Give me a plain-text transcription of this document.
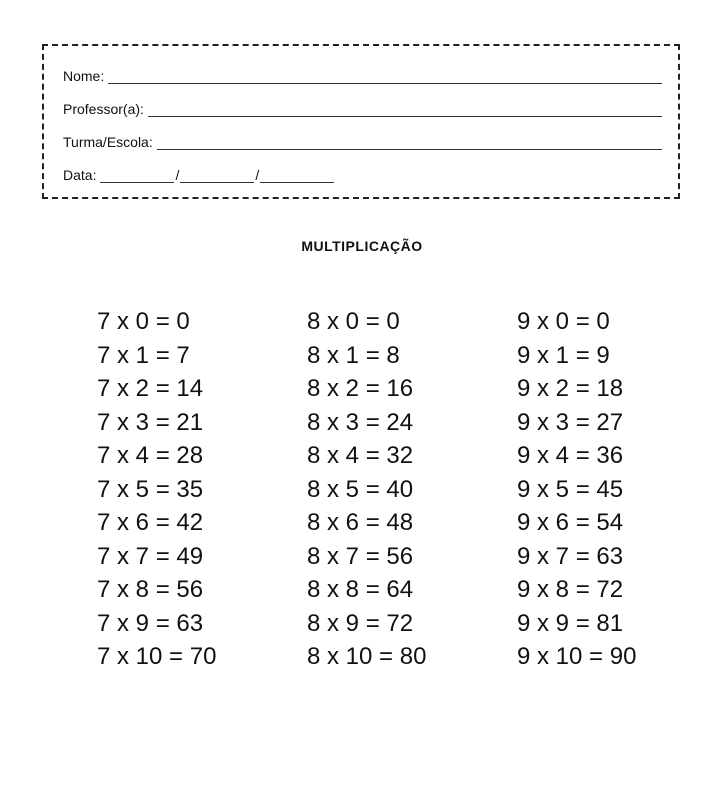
Nome:
Professor(a):
Turma/Escola:
Data:	/	/
MULTIPLICAÇÃO
7 x 0 = 0
7 x 1 = 7
7 x 2 = 14
7 x 3 = 21
7 x 4 = 28
7 x 5 = 35
7 x 6 = 42
7 x 7 = 49
7 x 8 = 56
7 x 9 = 63
7 x 10 = 70
8 x 0 = 0
8 x 1 = 8
8 x 2 = 16
8 x 3 = 24
8 x 4 = 32
8 x 5 = 40
8 x 6 = 48
8 x 7 = 56
8 x 8 = 64
8 x 9 = 72
8 x 10 = 80
9 x 0 = 0
9 x 1 = 9
9 x 2 = 18
9 x 3 = 27
9 x 4 = 36
9 x 5 = 45
9 x 6 = 54
9 x 7 = 63
9 x 8 = 72
9 x 9 = 81
9 x 10 = 90
